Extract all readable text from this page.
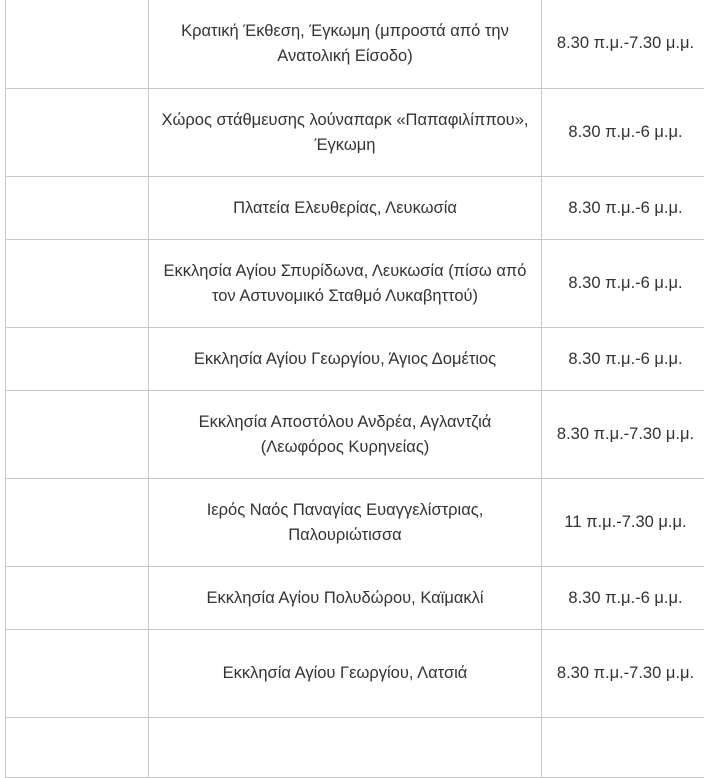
	Κρατική Έκθεση, Έγκωμη (μπροστά από την Ανατολική Είσοδο)	8.30 π.μ.-7.30 μ.μ.
	Χώρος στάθμευσης λούναπαρκ «Παπαφιλίππου», Έγκωμη	8.30 π.μ.-6 μ.μ.
	Πλατεία Ελευθερίας, Λευκωσία	8.30 π.μ.-6 μ.μ.
	Εκκλησία Αγίου Σπυρίδωνα, Λευκωσία (πίσω από τον Αστυνομικό Σταθμό Λυκαβηττού)	8.30 π.μ.-6 μ.μ.
	Εκκλησία Αγίου Γεωργίου, Άγιος Δομέτιος	8.30 π.μ.-6 μ.μ.
	Εκκλησία Αποστόλου Ανδρέα, Αγλαντζιά (Λεωφόρος Κυρηνείας)	8.30 π.μ.-7.30 μ.μ.
	Ιερός Ναός Παναγίας Ευαγγελίστριας, Παλουριώτισσα	11 π.μ.-7.30 μ.μ.
	Εκκλησία Αγίου Πολυδώρου, Καϊμακλί	8.30 π.μ.-6 μ.μ.
	Εκκλησία Αγίου Γεωργίου, Λατσιά	8.30 π.μ.-7.30 μ.μ.
